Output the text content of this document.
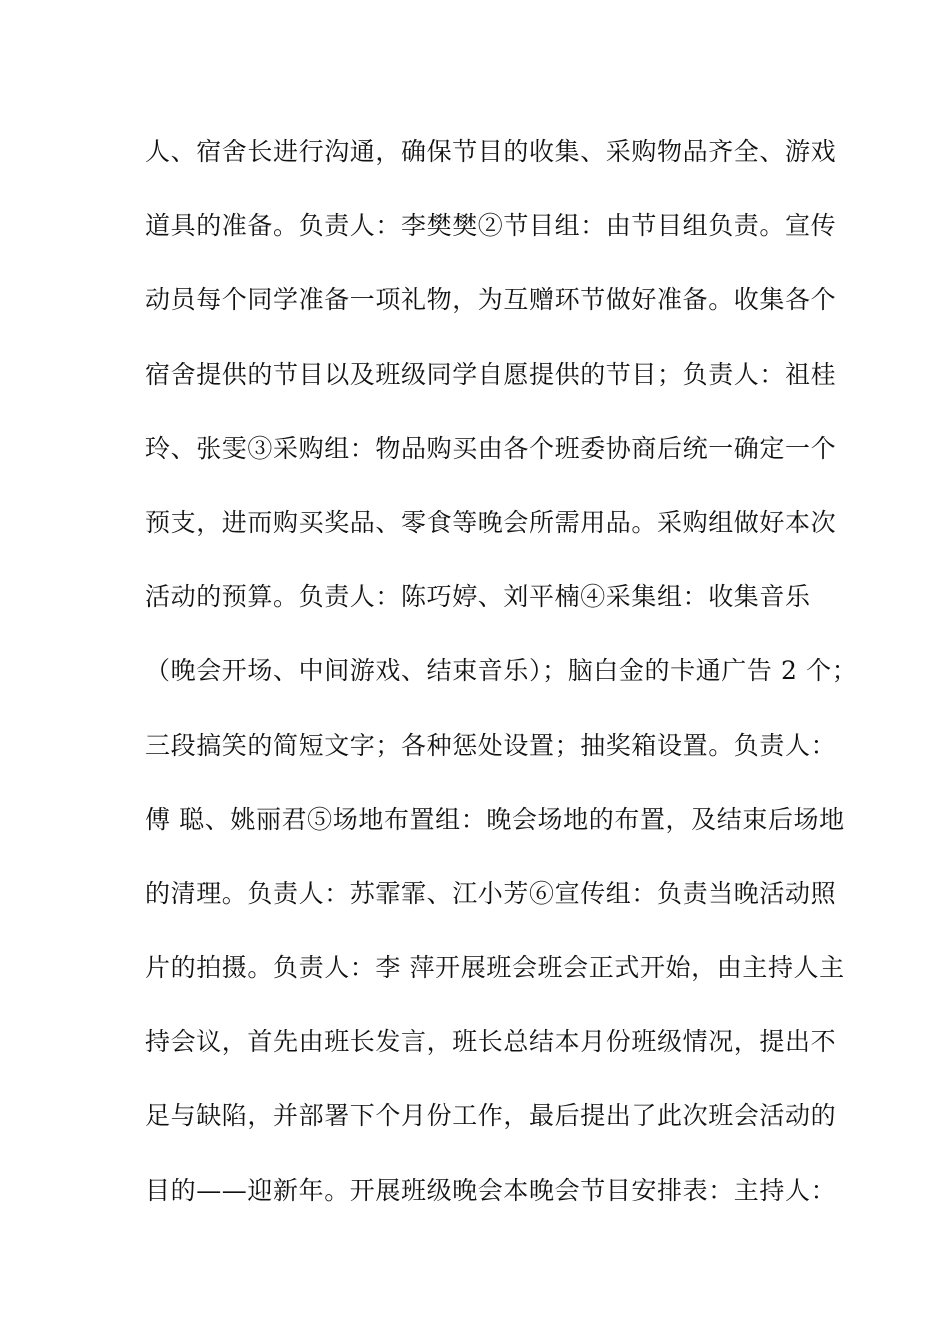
人、宿舍长进行沟通，确保节目的收集、采购物品齐全、游戏
道具的准备。负责人：李樊樊②节目组：由节目组负责。宣传
动员每个同学准备一项礼物，为互赠环节做好准备。收集各个
宿舍提供的节目以及班级同学自愿提供的节目；负责人：祖桂
玲、张雯③采购组：物品购买由各个班委协商后统一确定一个
预支，进而购买奖品、零食等晚会所需用品。采购组做好本次
活动的预算。负责人：陈巧婷、刘平楠④采集组：收集音乐
（晚会开场、中间游戏、结束音乐）；脑白金的卡通广告 2 个；
三段搞笑的简短文字；各种惩处设置；抽奖箱设置。负责人：
傅 聪、姚丽君⑤场地布置组：晚会场地的布置，及结束后场地
的清理。负责人：苏霏霏、江小芳⑥宣传组：负责当晚活动照
片的拍摄。负责人：李 萍开展班会班会正式开始，由主持人主
持会议，首先由班长发言，班长总结本月份班级情况，提出不
足与缺陷，并部署下个月份工作，最后提出了此次班会活动的
目的——迎新年。开展班级晚会本晚会节目安排表：主持人：
